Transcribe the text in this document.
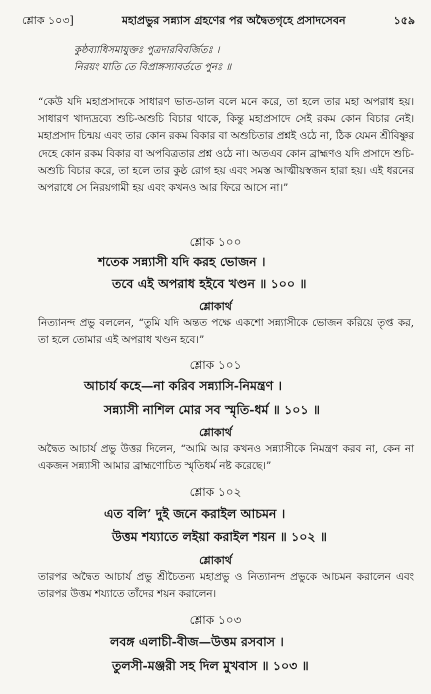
শ্লোক ১০৩]	মহাপ্রভুর সন্ন্যাস গ্রহণের পর অদ্বৈতগৃহে প্রসাদসেবন	১৫৯
কুষ্ঠব্যাধিসমাযুক্তঃ পুত্রদারবিবর্জিতঃ ।
নিরয়ং যাতি তে বিপ্রাঙ্গস্যাবর্ততে পুনঃ ॥
“কেউ যদি মহাপ্রসাদকে সাধারণ ভাত-ডাল বলে মনে করে, তা হলে তার মহা অপরাধ হয়। সাধারণ খাদ্যদ্রব্যে শুচি-অশুচি বিচার থাকে, কিন্তু মহাপ্রসাদে সেই রকম কোন বিচার নেই। মহাপ্রসাদ চিন্ময় এবং তার কোন রকম বিকার বা অশুচিতার প্রশ্নই ওঠে না, ঠিক যেমন শ্রীবিষ্ণুর দেহে কোন রকম বিকার বা অপবিত্রতার প্রশ্ন ওঠে না। অতএব কোন ব্রাহ্মণও যদি প্রসাদে শুচি-অশুচি বিচার করে, তা হলে তার কুষ্ঠ রোগ হয় এবং সমস্ত আত্মীয়স্বজন হারা হয়। এই ধরনের অপরাধে সে নিরয়গামী হয় এবং কখনও আর ফিরে আসে না।”
শ্লোক ১০০
শতেক সন্ন্যাসী যদি করহ ভোজন ।
তবে এই অপরাধ হইবে খণ্ডন ॥ ১০০ ॥
শ্লোকার্থ
নিত্যানন্দ প্রভু বললেন, “তুমি যদি অন্তত পক্ষে একশো সন্ন্যাসীকে ভোজন করিয়ে তৃপ্ত কর, তা হলে তোমার এই অপরাধ খণ্ডন হবে।”
শ্লোক ১০১
আচার্য কহে—না করিব সন্ন্যাসি-নিমন্ত্রণ ।
সন্ন্যাসী নাশিল মোর সব স্মৃতি-ধর্ম ॥ ১০১ ॥
শ্লোকার্থ
অদ্বৈত আচার্য প্রভু উত্তর দিলেন, “আমি আর কখনও সন্ন্যাসীকে নিমন্ত্রণ করব না, কেন না একজন সন্ন্যাসী আমার ব্রাহ্মণোচিত স্মৃতিধর্ম নষ্ট করেছে।”
শ্লোক ১০২
এত বলি’ দুই জনে করাইল আচমন ।
উত্তম শয্যাতে লইয়া করাইল শয়ন ॥ ১০২ ॥
শ্লোকার্থ
তারপর অদ্বৈত আচার্য প্রভু শ্রীচৈতন্য মহাপ্রভু ও নিত্যানন্দ প্রভুকে আচমন করালেন এবং তারপর উত্তম শয্যাতে তাঁদের শয়ন করালেন।
শ্লোক ১০৩
লবঙ্গ এলাচী-বীজ—উত্তম রসবাস ।
তুলসী-মঞ্জরী সহ দিল মুখবাস ॥ ১০৩ ॥
